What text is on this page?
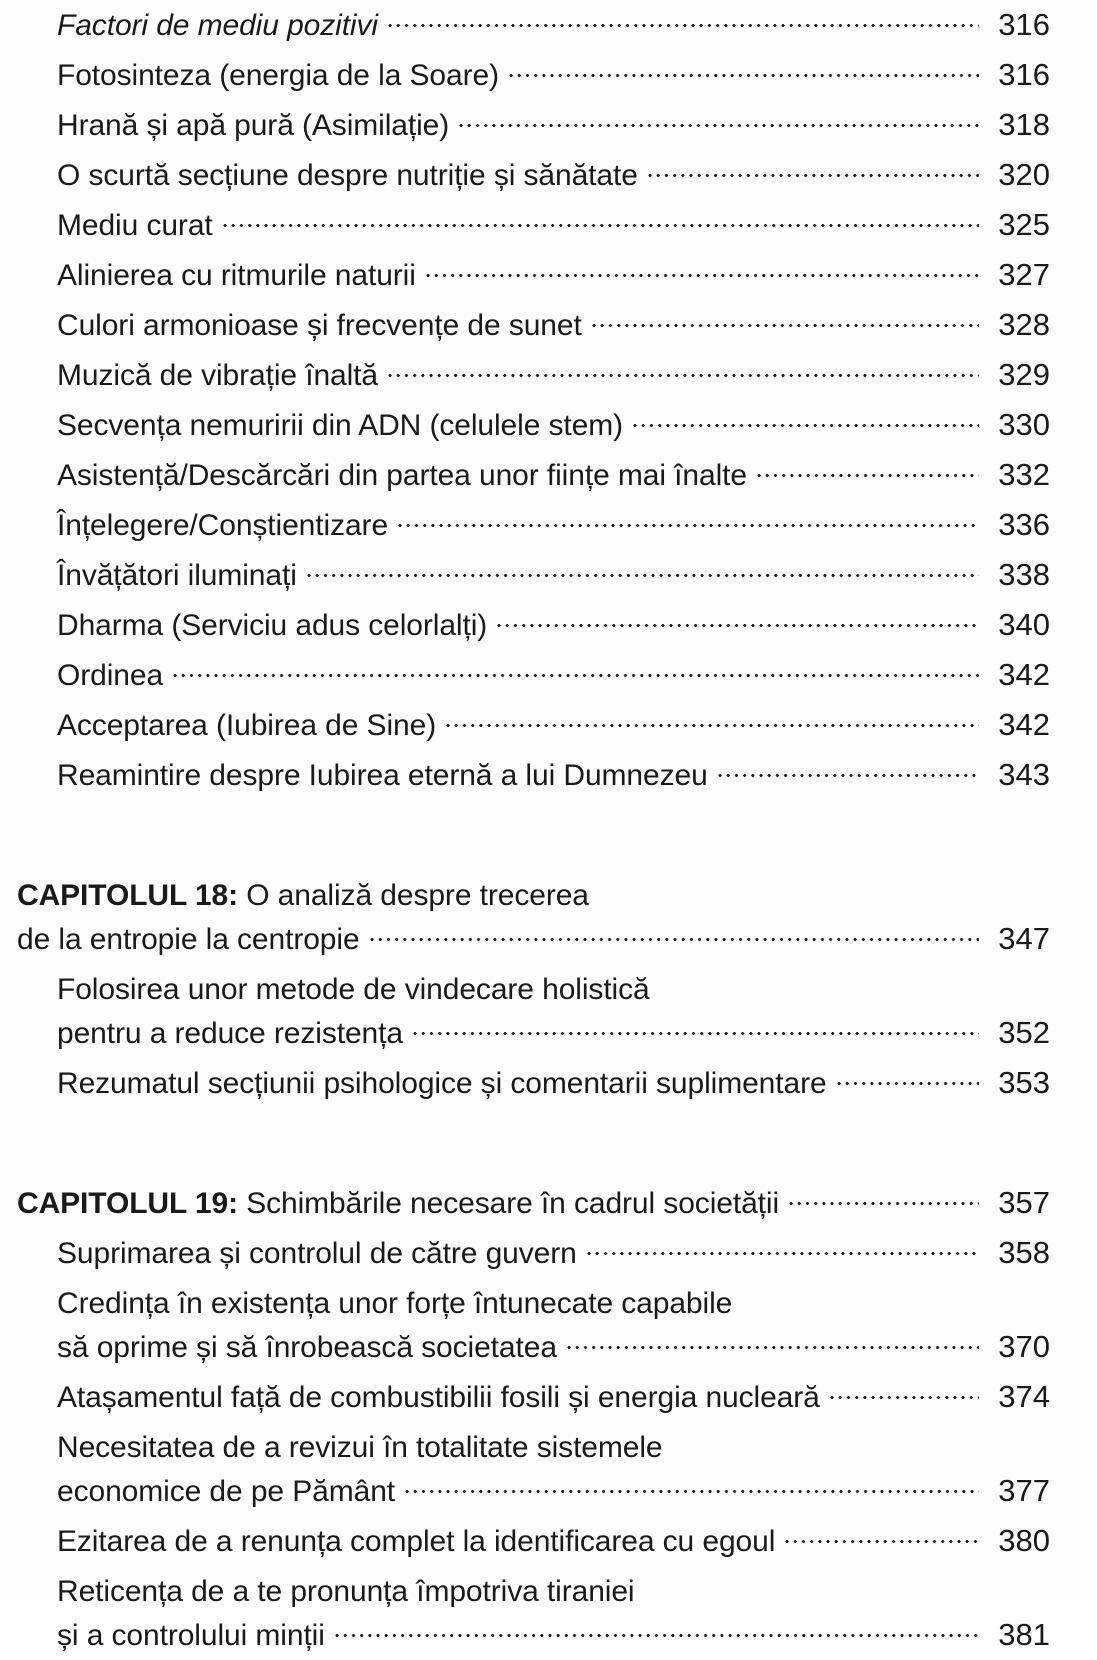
Factori de mediu pozitivi	316
Fotosinteza (energia de la Soare)	316
Hrană și apă pură (Asimilație)	318
O scurtă secțiune despre nutriție și sănătate	320
Mediu curat	325
Alinierea cu ritmurile naturii	327
Culori armonioase și frecvențe de sunet	328
Muzică de vibrație înaltă	329
Secvența nemuririi din ADN (celulele stem)	330
Asistență/Descărcări din partea unor ființe mai înalte	332
Înțelegere/Conștientizare	336
Învățători iluminați	338
Dharma (Serviciu adus celorlalți)	340
Ordinea	342
Acceptarea (Iubirea de Sine)	342
Reamintire despre Iubirea eternă a lui Dumnezeu	343
CAPITOLUL 18: O analiză despre trecerea
de la entropie la centropie	347
Folosirea unor metode de vindecare holistică
pentru a reduce rezistența	352
Rezumatul secțiunii psihologice și comentarii suplimentare	353
CAPITOLUL 19: Schimbările necesare în cadrul societății	357
Suprimarea și controlul de către guvern	358
Credința în existența unor forțe întunecate capabile
să oprime și să înrobească societatea	370
Atașamentul față de combustibilii fosili și energia nucleară	374
Necesitatea de a revizui în totalitate sistemele
economice de pe Pământ	377
Ezitarea de a renunța complet la identificarea cu egoul	380
Reticența de a te pronunța împotriva tiraniei
și a controlului minții	381
